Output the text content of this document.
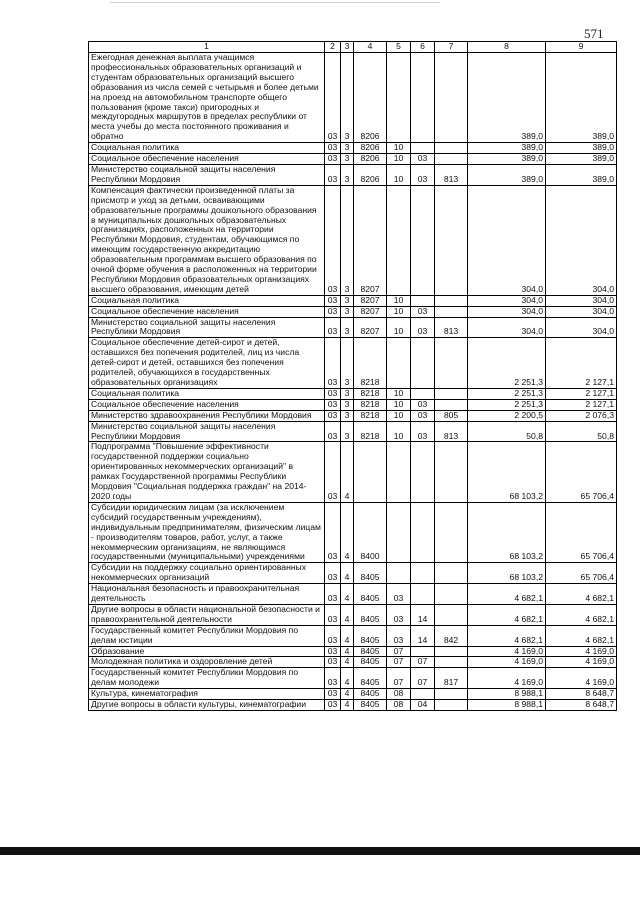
571
1	2	3	4	5	6	7	8	9
Ежегодная денежная выплата учащимся профессиональных образовательных организаций и студентам образовательных организаций высшего образования из числа семей с четырьмя и более детьми на проезд на автомобильном транспорте общего пользования (кроме такси) пригородных и междугородных маршрутов в пределах республики от места учебы до места постоянного проживания и обратно	03	3	8206				389,0	389,0
Социальная политика	03	3	8206	10			389,0	389,0
Социальное обеспечение населения	03	3	8206	10	03		389,0	389,0
Министерство социальной защиты населения Республики Мордовия	03	3	8206	10	03	813	389,0	389,0
Компенсация фактически произведенной платы за присмотр и уход за детьми, осваивающими образовательные программы дошкольного образования в муниципальных дошкольных образовательных организациях, расположенных на территории Республики Мордовия, студентам, обучающимся по имеющим государственную аккредитацию образовательным программам высшего образования по очной форме обучения в расположенных на территории Республики Мордовия образовательных организациях высшего образования, имеющим детей	03	3	8207				304,0	304,0
Социальная политика	03	3	8207	10			304,0	304,0
Социальное обеспечение населения	03	3	8207	10	03		304,0	304,0
Министерство социальной защиты населения Республики Мордовия	03	3	8207	10	03	813	304,0	304,0
Социальное обеспечение детей-сирот и детей, оставшихся без попечения родителей, лиц из числа детей-сирот и детей, оставшихся без попечения родителей, обучающихся в государственных образовательных организациях	03	3	8218				2 251,3	2 127,1
Социальная политика	03	3	8218	10			2 251,3	2 127,1
Социальное обеспечение населения	03	3	8218	10	03		2 251,3	2 127,1
Министерство здравоохранения Республики Мордовия	03	3	8218	10	03	805	2 200,5	2 076,3
Министерство социальной защиты населения Республики Мордовия	03	3	8218	10	03	813	50,8	50,8
Подпрограмма "Повышение эффективности государственной поддержки социально ориентированных некоммерческих организаций" в рамках Государственной программы Республики Мордовия "Социальная поддержка граждан" на 2014-2020 годы	03	4					68 103,2	65 706,4
Субсидии юридическим лицам (за исключением субсидий государственным учреждениям), индивидуальным предпринимателям, физическим лицам - производителям товаров, работ, услуг, а также некоммерческим организациям, не являющимся государственными (муниципальными) учреждениями	03	4	8400				68 103,2	65 706,4
Субсидии на поддержку социально ориентированных некоммерческих организаций	03	4	8405				68 103,2	65 706,4
Национальная безопасность и правоохранительная деятельность	03	4	8405	03			4 682,1	4 682,1
Другие вопросы в области национальной безопасности и правоохранительной деятельности	03	4	8405	03	14		4 682,1	4 682,1
Государственный комитет Республики Мордовия по делам юстиции	03	4	8405	03	14	842	4 682,1	4 682,1
Образование	03	4	8405	07			4 169,0	4 169,0
Молодежная политика и оздоровление детей	03	4	8405	07	07		4 169,0	4 169,0
Государственный комитет Республики Мордовия по делам молодежи	03	4	8405	07	07	817	4 169,0	4 169,0
Культура, кинематография	03	4	8405	08			8 988,1	8 648,7
Другие вопросы в области культуры, кинематографии	03	4	8405	08	04		8 988,1	8 648,7
